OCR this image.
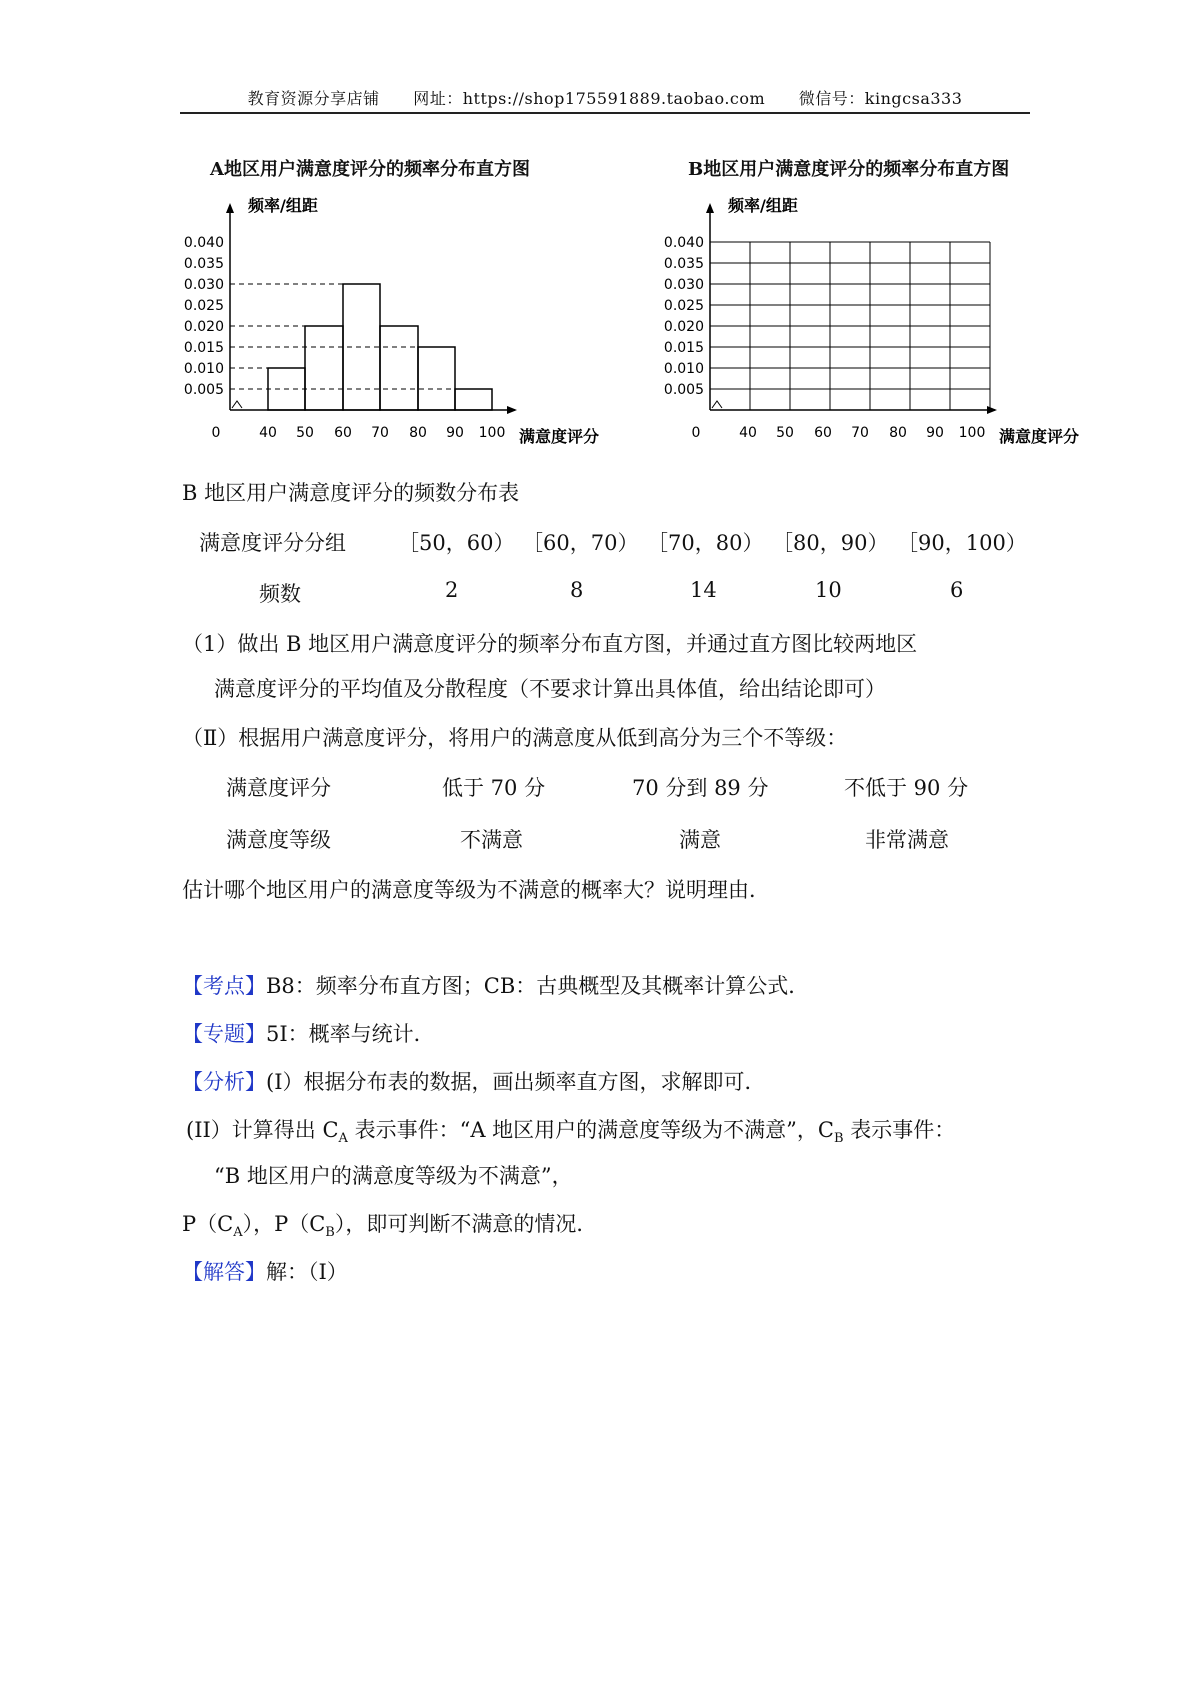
教育资源分享店铺 网址：https://shop175591889.taobao.com 微信号：kingcsa333
A地区用户满意度评分的频率分布直方图
频率/组距
满意度评分
0.040
0.035
0.030
0.025
0.020
0.015
0.010
0.005
0	40 50 60 70 80 90 100
B地区用户满意度评分的频率分布直方图
频率/组距
满意度评分
0.040
0.035
0.030
0.025
0.020
0.015
0.010
0.005
0	40 50 60 70 80 90 100
B 地区用户满意度评分的频数分布表
满意度评分分组 ［50，60） ［60，70） ［70，80） ［80，90） ［90，100）
频数	2	8	14	10	6
（1）做出 B 地区用户满意度评分的频率分布直方图，并通过直方图比较两地区
满意度评分的平均值及分散程度（不要求计算出具体值，给出结论即可）
（Ⅱ）根据用户满意度评分，将用户的满意度从低到高分为三个不等级：
满意度评分	低于 70 分	70 分到 89 分	不低于 90 分
满意度等级	不满意	满意	非常满意
估计哪个地区用户的满意度等级为不满意的概率大？说明理由．
【考点】B8：频率分布直方图；CB：古典概型及其概率计算公式．
【专题】5I：概率与统计．
【分析】(I）根据分布表的数据，画出频率直方图，求解即可．
(II）计算得出 $C_A$ 表示事件：“A 地区用户的满意度等级为不满意”，$C_B$ 表示事件：
“B 地区用户的满意度等级为不满意”，
$P(C_A)$，$P(C_B)$，即可判断不满意的情况．
【解答】解：（Ⅰ）
